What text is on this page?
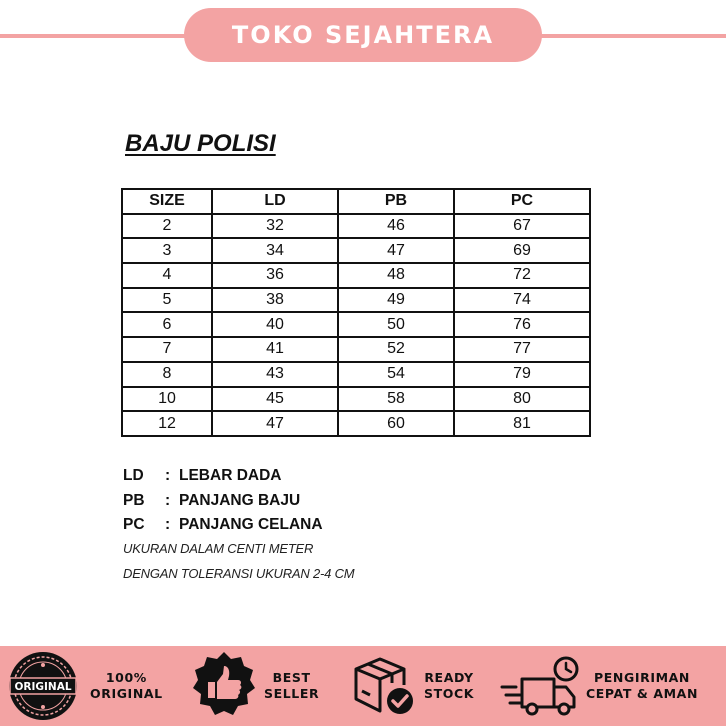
TOKO SEJAHTERA
BAJU POLISI
SIZE	LD	PB	PC
2	32	46	67
3	34	47	69
4	36	48	72
5	38	49	74
6	40	50	76
7	41	52	77
8	43	54	79
10	45	58	80
12	47	60	81
LD	: LEBAR DADA
PB	: PANJANG BAJU
PC	: PANJANG CELANA
UKURAN DALAM CENTI METER
DENGAN TOLERANSI UKURAN 2-4 CM
ORIGINAL
100%
ORIGINAL
BEST
SELLER
READY
STOCK
PENGIRIMAN
CEPAT & AMAN
